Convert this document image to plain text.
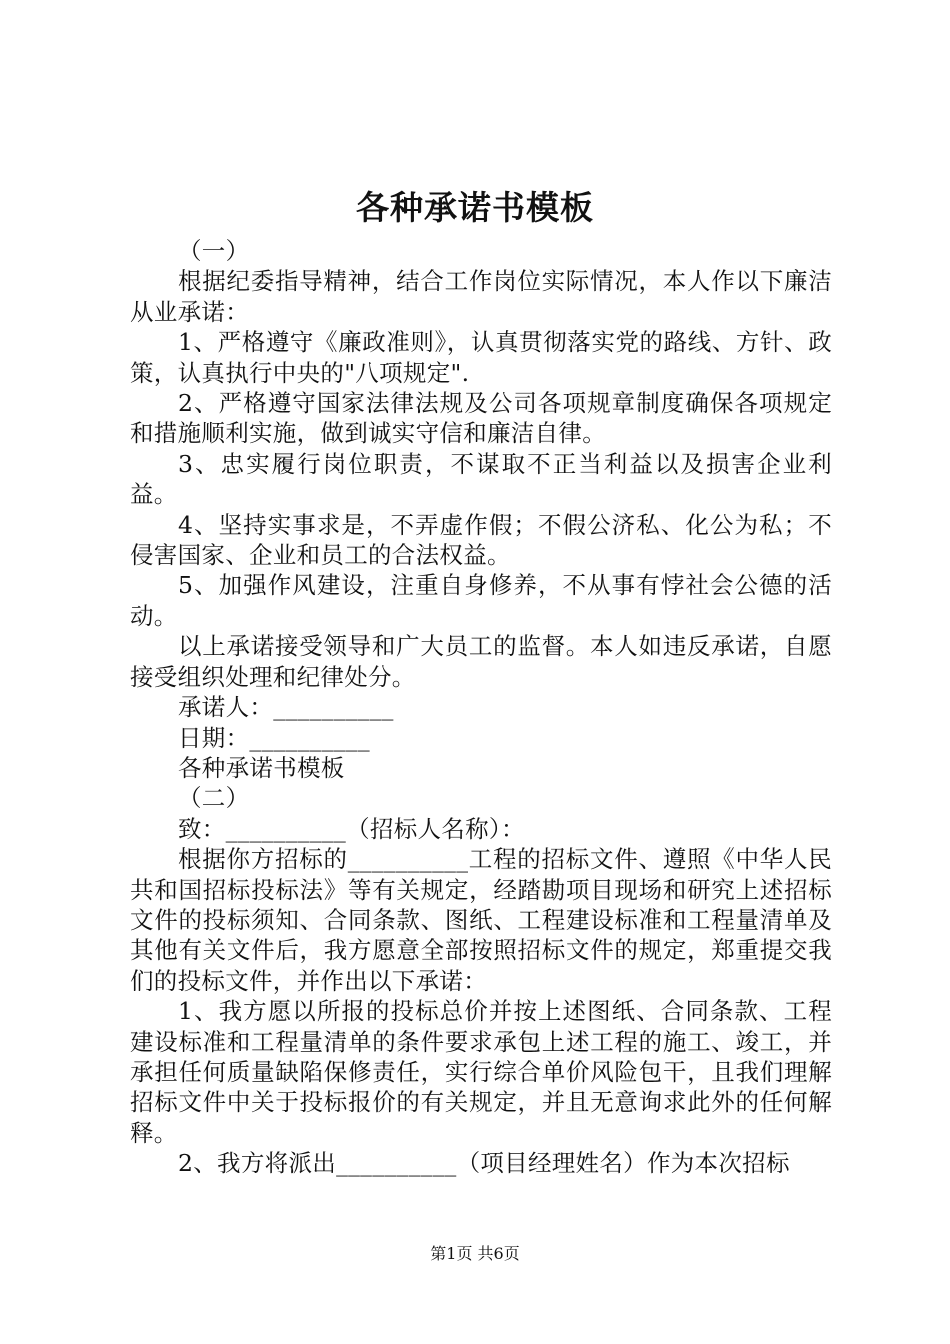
各种承诺书模板

（一）

根据纪委指导精神，结合工作岗位实际情况，本人作以下廉洁从业承诺：

1、严格遵守《廉政准则》，认真贯彻落实党的路线、方针、政策，认真执行中央的"八项规定".

2、严格遵守国家法律法规及公司各项规章制度确保各项规定和措施顺利实施，做到诚实守信和廉洁自律。

3、忠实履行岗位职责，不谋取不正当利益以及损害企业利益。

4、坚持实事求是，不弄虚作假；不假公济私、化公为私；不侵害国家、企业和员工的合法权益。

5、加强作风建设，注重自身修养，不从事有悖社会公德的活动。

以上承诺接受领导和广大员工的监督。本人如违反承诺，自愿接受组织处理和纪律处分。

承诺人：__________

日期：__________

各种承诺书模板

（二）

致：__________（招标人名称）：

根据你方招标的__________工程的招标文件、遵照《中华人民共和国招标投标法》等有关规定，经踏勘项目现场和研究上述招标文件的投标须知、合同条款、图纸、工程建设标准和工程量清单及其他有关文件后，我方愿意全部按照招标文件的规定，郑重提交我们的投标文件，并作出以下承诺：

1、我方愿以所报的投标总价并按上述图纸、合同条款、工程建设标准和工程量清单的条件要求承包上述工程的施工、竣工，并承担任何质量缺陷保修责任，实行综合单价风险包干，且我们理解招标文件中关于投标报价的有关规定，并且无意询求此外的任何解释。

2、我方将派出__________（项目经理姓名）作为本次招标

第1页 共6页
